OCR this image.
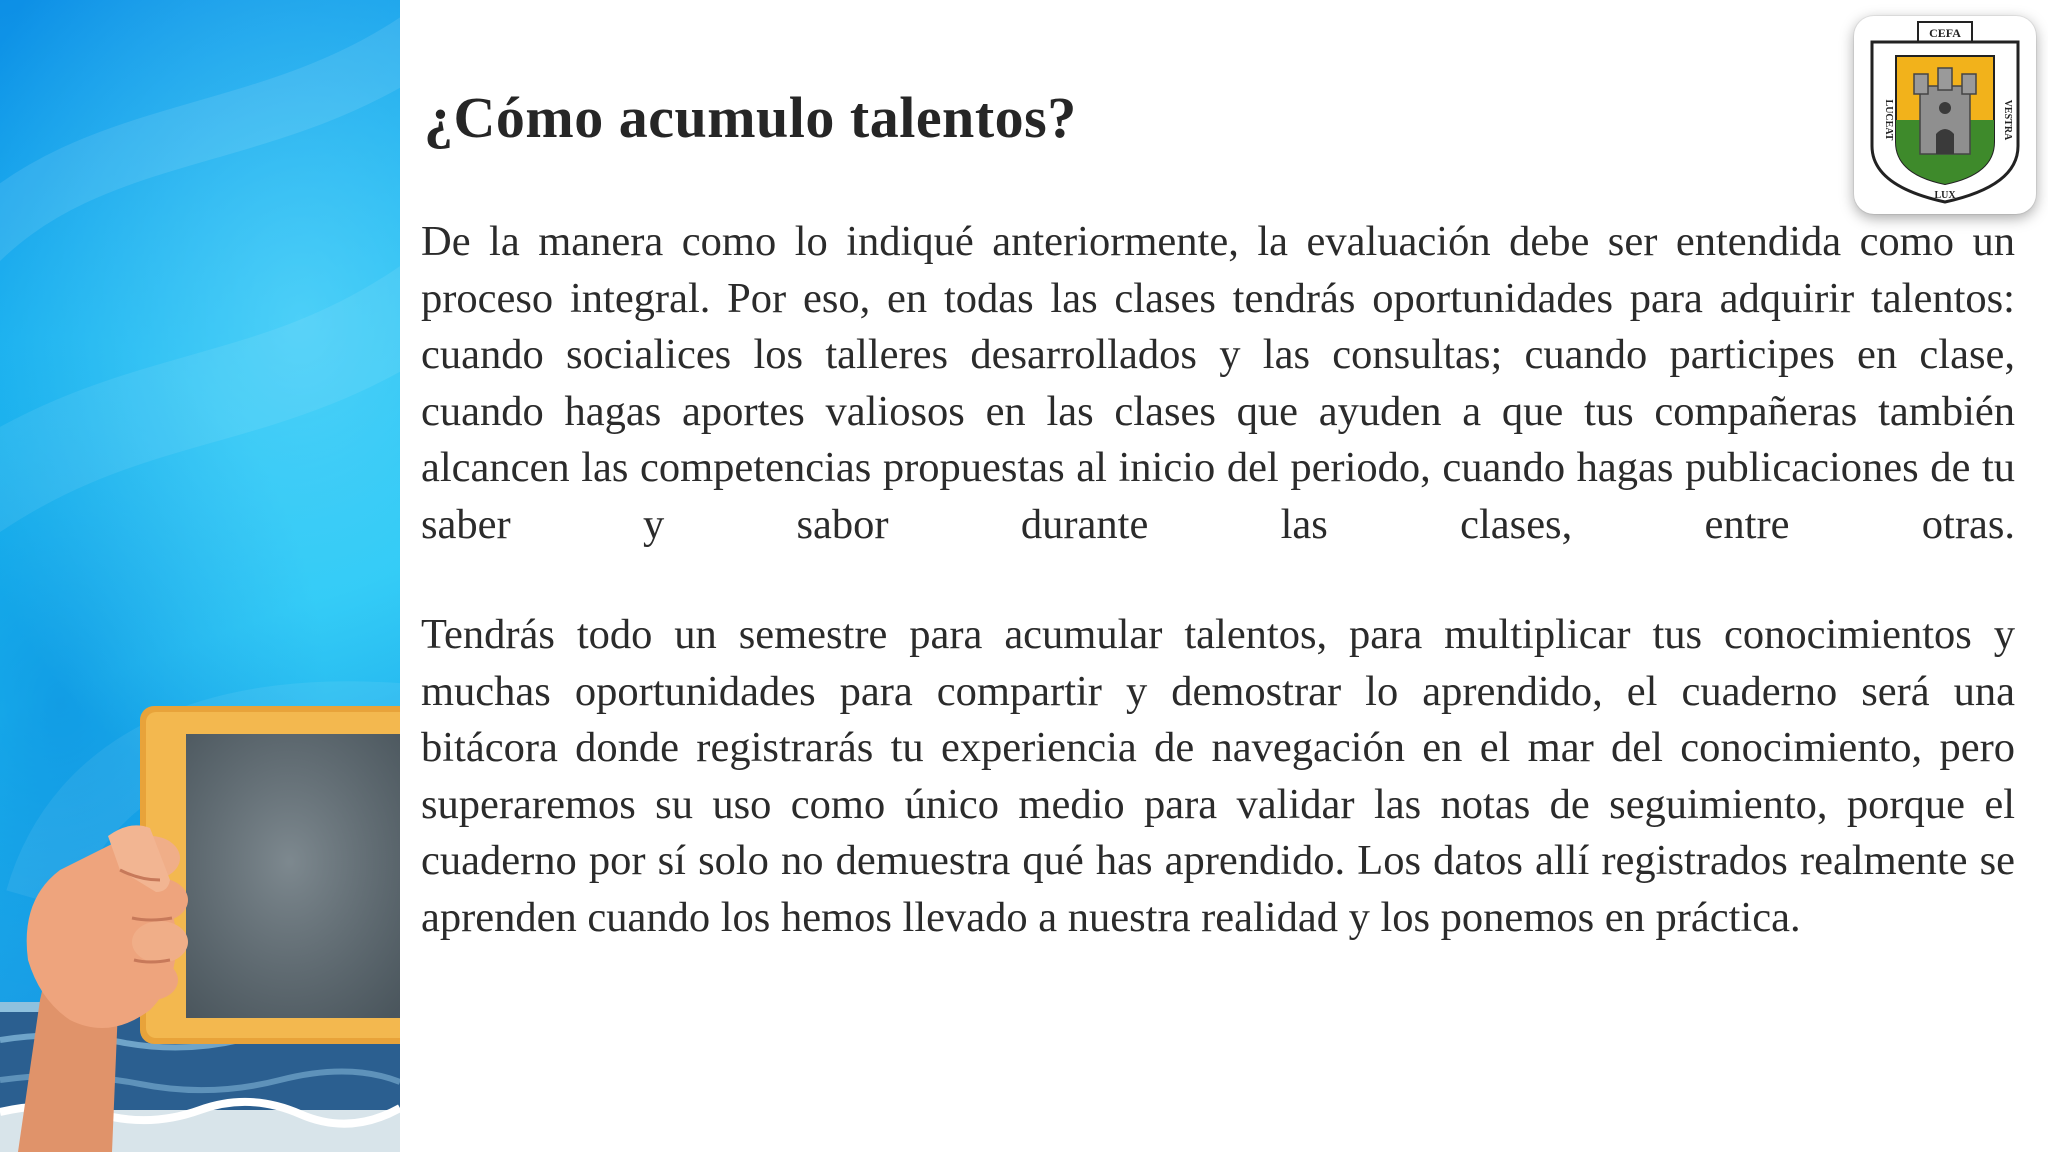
¿Cómo acumulo talentos?

De la manera como lo indiqué anteriormente, la evaluación debe ser entendida como un proceso integral. Por eso, en todas las clases tendrás oportunidades para adquirir talentos: cuando socialices los talleres desarrollados y las consultas; cuando participes en clase, cuando hagas aportes valiosos en las clases que ayuden a que tus compañeras también alcancen las competencias propuestas al inicio del periodo, cuando hagas publicaciones de tu saber y sabor durante las clases, entre otras.

Tendrás todo un semestre para acumular talentos, para multiplicar tus conocimientos y muchas oportunidades para compartir y demostrar lo aprendido, el cuaderno será una bitácora donde registrarás tu experiencia de navegación en el mar del conocimiento, pero superaremos su uso como único medio para validar las notas de seguimiento, porque el cuaderno por sí solo no demuestra qué has aprendido. Los datos allí registrados realmente se aprenden cuando los hemos llevado a nuestra realidad y los ponemos en práctica.

CEFA
LUCEAT	VESTRA
LUX
